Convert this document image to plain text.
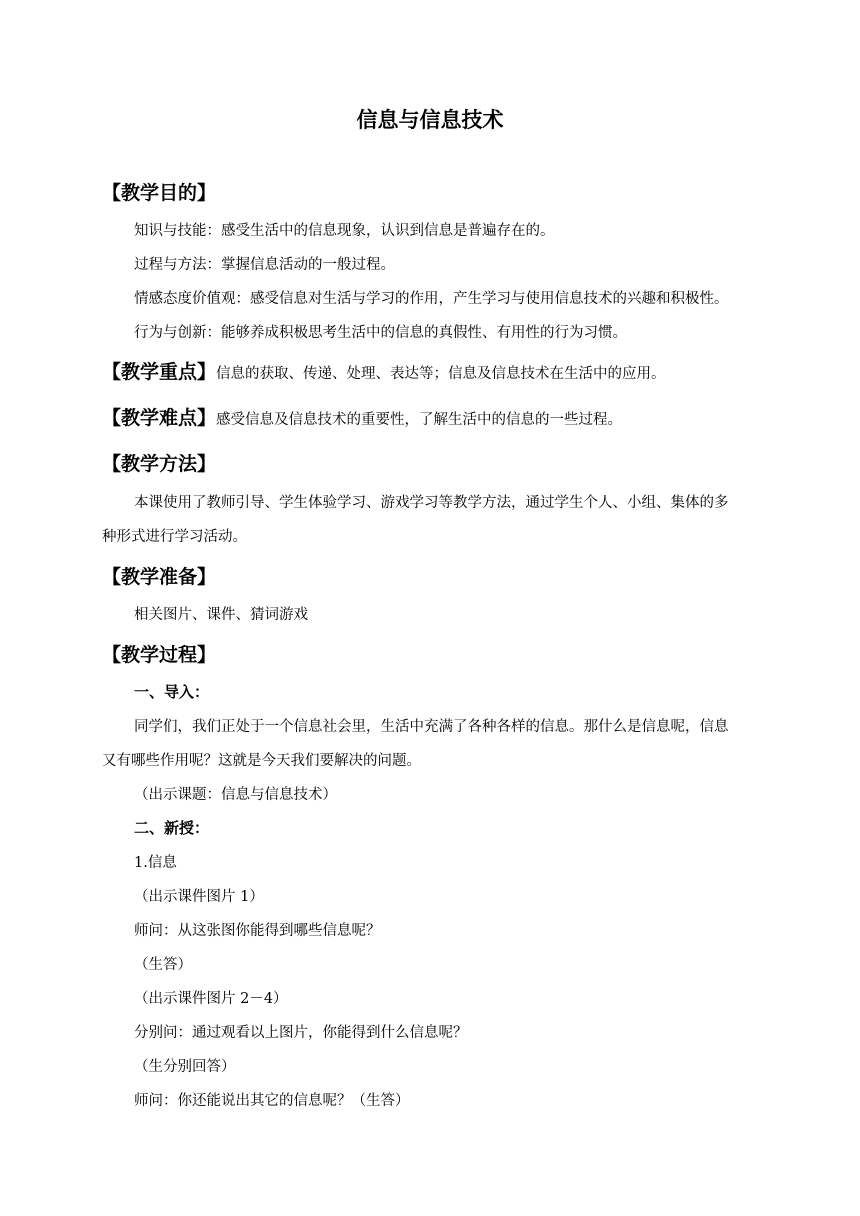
信息与信息技术
【教学目的】
知识与技能：感受生活中的信息现象，认识到信息是普遍存在的。
过程与方法：掌握信息活动的一般过程。
情感态度价值观：感受信息对生活与学习的作用，产生学习与使用信息技术的兴趣和积极性。
行为与创新：能够养成积极思考生活中的信息的真假性、有用性的行为习惯。
【教学重点】信息的获取、传递、处理、表达等；信息及信息技术在生活中的应用。
【教学难点】感受信息及信息技术的重要性，了解生活中的信息的一些过程。
【教学方法】
本课使用了教师引导、学生体验学习、游戏学习等教学方法，通过学生个人、小组、集体的多
种形式进行学习活动。
【教学准备】
相关图片、课件、猜词游戏
【教学过程】
一、导入：
同学们，我们正处于一个信息社会里，生活中充满了各种各样的信息。那什么是信息呢，信息
又有哪些作用呢？这就是今天我们要解决的问题。
（出示课题：信息与信息技术）
二、新授：
1.信息
（出示课件图片 1）
师问：从这张图你能得到哪些信息呢？
（生答）
（出示课件图片 2－4）
分别问：通过观看以上图片，你能得到什么信息呢？
（生分别回答）
师问：你还能说出其它的信息呢？（生答）
